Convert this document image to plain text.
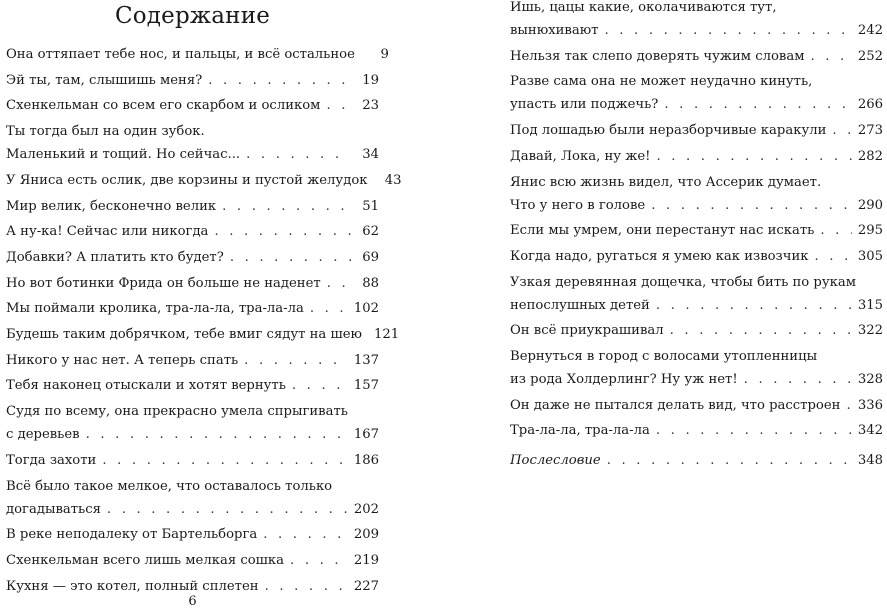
Содержание
Она оттяпает тебе нос, и пальцы, и всё остальное	9
Эй ты, там, слышишь меня? . . .	19
Схенкельман со всем его скарбом и осликом . . .	23
Ты тогда был на один зубок.
Маленький и тощий. Но сейчас... . . .	34
У Яниса есть ослик, две корзины и пустой желудок	43
Мир велик, бесконечно велик . . .	51
А ну-ка! Сейчас или никогда . . .	62
Добавки? А платить кто будет? . . .	69
Но вот ботинки Фрида он больше не наденет . . .	88
Мы поймали кролика, тра-ла-ла, тра-ла-ла . . .	102
Будешь таким добрячком, тебе вмиг сядут на шею 121
Никого у нас нет. А теперь спать . . .	137
Тебя наконец отыскали и хотят вернуть . . .	157
Судя по всему, она прекрасно умела спрыгивать
с деревьев . . .	167
Тогда захоти . . .	186
Всё было такое мелкое, что оставалось только
догадываться . . .	202
В реке неподалеку от Бартельборга . . .	209
Схенкельман всего лишь мелкая сошка . . .	219
Кухня — это котел, полный сплетен . . .	227
Ишь, цацы какие, околачиваются тут,
вынюхивают . . .	242
Нельзя так слепо доверять чужим словам . . .	252
Разве сама она не может неудачно кинуть,
упасть или поджечь? . . .	266
Под лошадью были неразборчивые каракули . . . 273
Давай, Лока, ну же! . . .	282
Янис всю жизнь видел, что Ассерик думает.
Что у него в голове . . .	290
Если мы умрем, они перестанут нас искать . . .	295
Когда надо, ругаться я умею как извозчик . . .	305
Узкая деревянная дощечка, чтобы бить по рукам
непослушных детей . . .	315
Он всё приукрашивал . . .	322
Вернуться в город с волосами утопленницы
из рода Холдерлинг? Ну уж нет! . . .	328
Он даже не пытался делать вид, что расстроен . . . 336
Тра-ла-ла, тра-ла-ла . . .	342
Послесловие . . .	348
6
